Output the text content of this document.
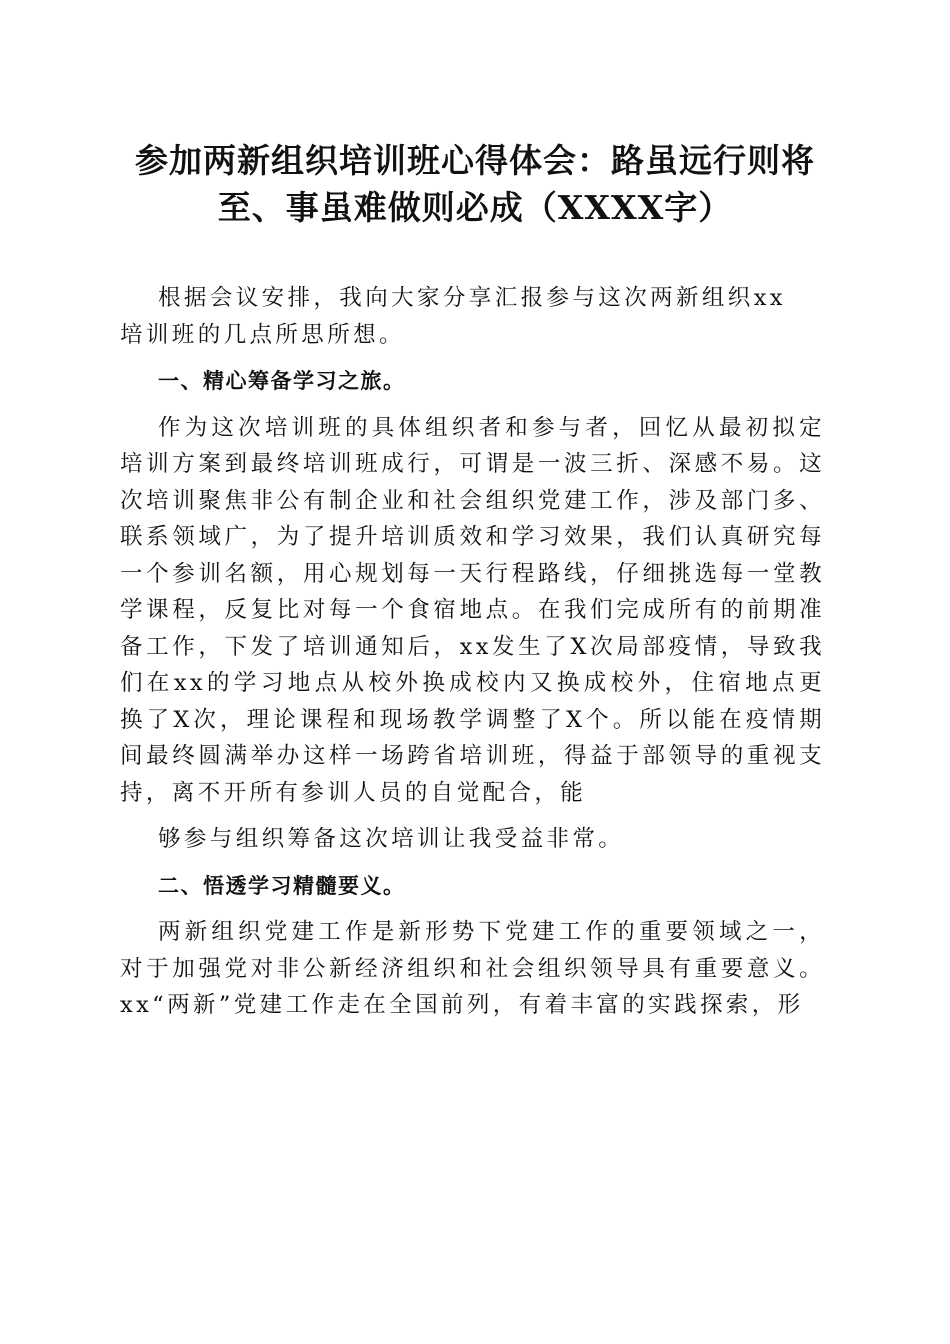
参加两新组织培训班心得体会：路虽远行则将
至、事虽难做则必成（XXXX字）

根据会议安排，我向大家分享汇报参与这次两新组织xx
培训班的几点所思所想。

一、精心筹备学习之旅。

作为这次培训班的具体组织者和参与者，回忆从最初拟定培训方案到最终培训班成行，可谓是一波三折、深感不易。这次培训聚焦非公有制企业和社会组织党建工作，涉及部门多、联系领域广，为了提升培训质效和学习效果，我们认真研究每一个参训名额，用心规划每一天行程路线，仔细挑选每一堂教学课程，反复比对每一个食宿地点。在我们完成所有的前期准备工作，下发了培训通知后，xx发生了X次局部疫情，导致我们在xx的学习地点从校外换成校内又换成校外，住宿地点更换了X次，理论课程和现场教学调整了X个。所以能在疫情期间最终圆满举办这样一场跨省培训班，得益于部领导的重视支持，离不开所有参训人员的自觉配合，能

够参与组织筹备这次培训让我受益非常。

二、悟透学习精髓要义。

两新组织党建工作是新形势下党建工作的重要领域之一，对于加强党对非公新经济组织和社会组织领导具有重要意义。xx“两新”党建工作走在全国前列，有着丰富的实践探索，形
